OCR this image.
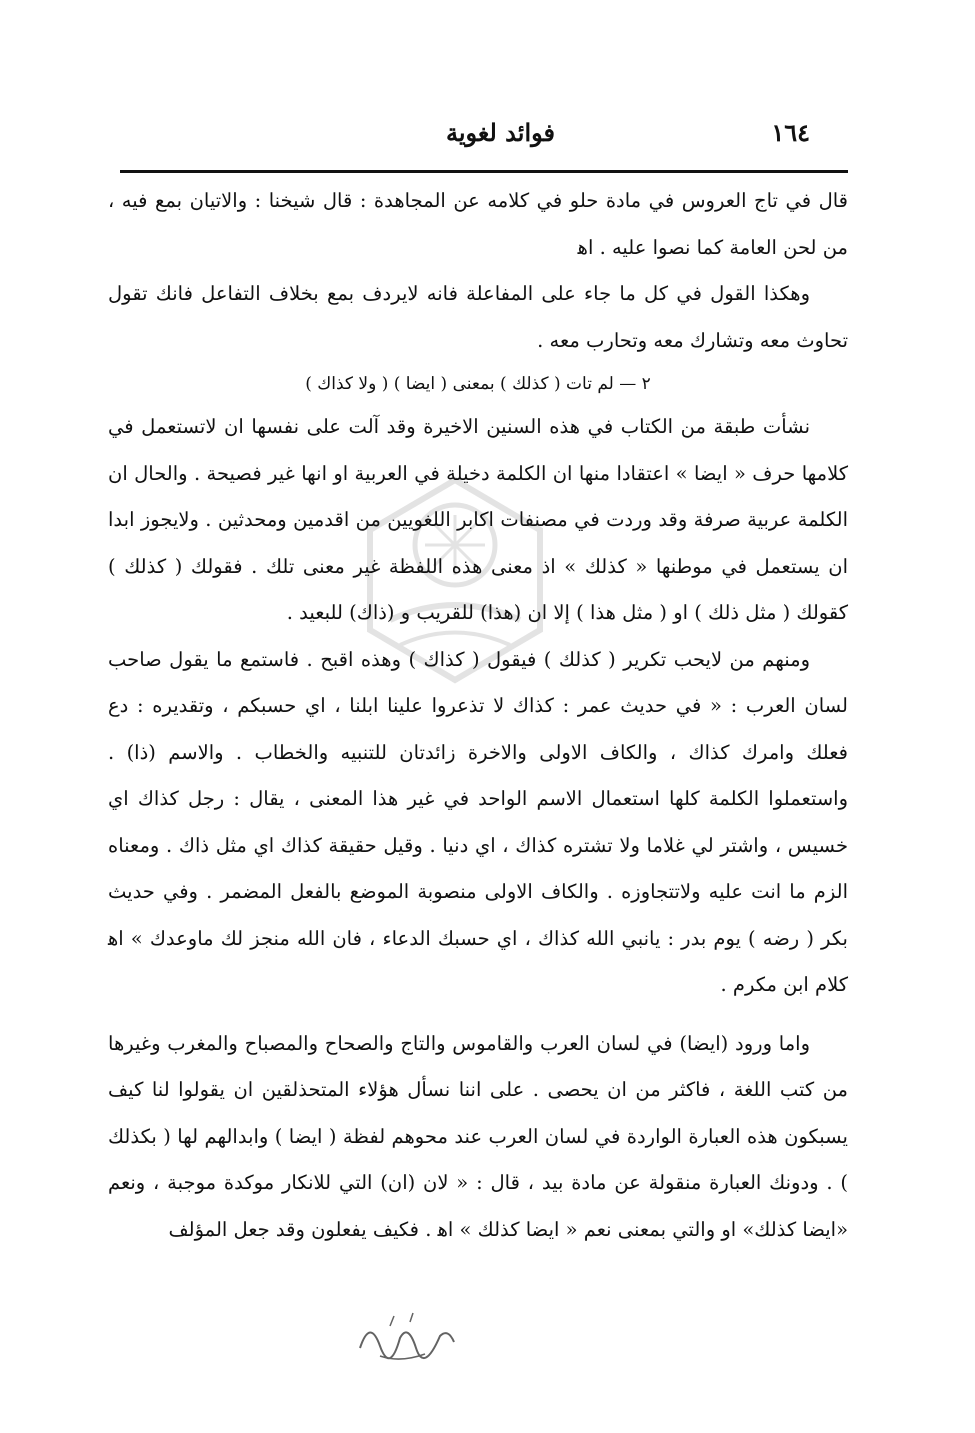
١٦٤
فوائد لغوية

قال في تاج العروس في مادة حلو في كلامه عن المجاهدة : قال شيخنا : والاتيان بمع فيه ، من لحن العامة كما نصوا عليه . اﻫ

وهكذا القول في كل ما جاء على المفاعلة فانه لايردف بمع بخلاف التفاعل فانك تقول تحاوث معه وتشارك معه وتحارب معه .

٢ — لم تات ( كذلك ) بمعنى ( ايضا ) ( ولا كذاك )

نشأت طبقة من الكتاب في هذه السنين الاخيرة وقد آلت على نفسها ان لاتستعمل في كلامها حرف « ايضا » اعتقادا منها ان الكلمة دخيلة في العربية او انها غير فصيحة . والحال ان الكلمة عربية صرفة وقد وردت في مصنفات اكابر اللغويين من اقدمين ومحدثين . ولايجوز ابدا ان يستعمل في موطنها « كذلك » اذ معنى هذه اللفظة غير معنى تلك . فقولك ( كذلك ) كقولك ( مثل ذلك ) او ( مثل هذا ) إلا ان (هذا) للقريب و (ذاك) للبعيد .

ومنهم من لايحب تكرير ( كذلك ) فيقول ( كذاك ) وهذه اقبح . فاستمع ما يقول صاحب لسان العرب : « في حديث عمر : كذاك لا تذعروا علينا ابلنا ، اي حسبكم ، وتقديره : دع فعلك وامرك كذاك ، والكاف الاولى والاخرة زائدتان للتنبيه والخطاب . والاسم (ذا) . واستعملوا الكلمة كلها استعمال الاسم الواحد في غير هذا المعنى ، يقال : رجل كذاك اي خسيس ، واشتر لي غلاما ولا تشتره كذاك ، اي دنيا . وقيل حقيقة كذاك اي مثل ذاك . ومعناه الزم ما انت عليه ولاتتجاوزه . والكاف الاولى منصوبة الموضع بالفعل المضمر . وفي حديث بكر ( رضه ) يوم بدر : يانبي الله كذاك ، اي حسبك الدعاء ، فان الله منجز لك ماوعدك » اﻫ كلام ابن مكرم .

واما ورود (ايضا) في لسان العرب والقاموس والتاج والصحاح والمصباح والمغرب وغيرها من كتب اللغة ، فاكثر من ان يحصى . على اننا نسأل هؤلاء المتحذلقين ان يقولوا لنا كيف يسبكون هذه العبارة الواردة في لسان العرب عند محوهم لفظة ( ايضا ) وابدالهم لها ( بكذلك ) . ودونك العبارة منقولة عن مادة بيد ، قال : « لان (ان) التي للانكار موكدة موجبة ، ونعم «ايضا كذلك» او والتي بمعنى نعم « ايضا كذلك » اﻫ . فكيف يفعلون وقد جعل المؤلف
